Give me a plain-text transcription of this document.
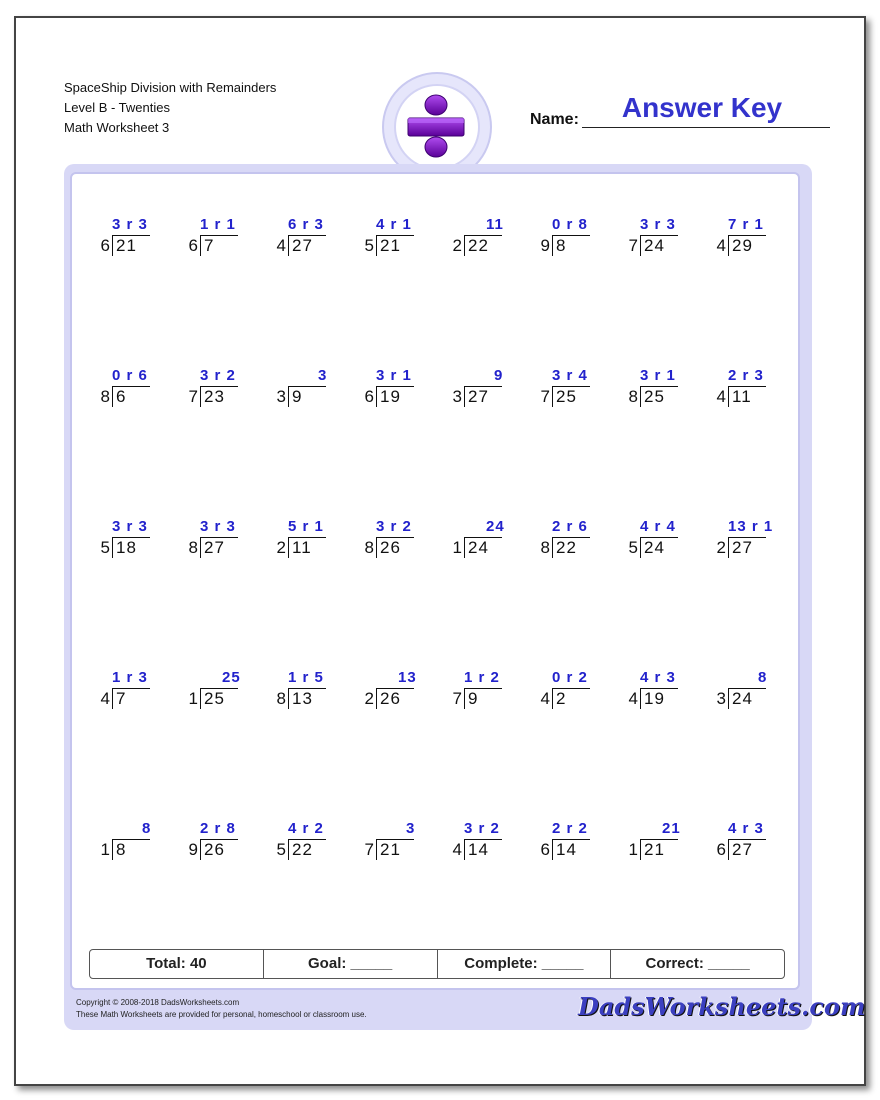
SpaceShip Division with Remainders
Level B - Twenties
Math Worksheet 3
Answer Key
Name:
3 r 3
6 21
1 r 1
6 7
6 r 3
4 27
4 r 1
5 21
11
2 22
0 r 8
9 8
3 r 3
7 24
7 r 1
4 29
0 r 6
8 6
3 r 2
7 23
3
3 9
3 r 1
6 19
9
3 27
3 r 4
7 25
3 r 1
8 25
2 r 3
4 11
3 r 3
5 18
3 r 3
8 27
5 r 1
2 11
3 r 2
8 26
24
1 24
2 r 6
8 22
4 r 4
5 24
13 r 1
2 27
1 r 3
4 7
25
1 25
1 r 5
8 13
13
2 26
1 r 2
7 9
0 r 2
4 2
4 r 3
4 19
8
3 24
8
1 8
2 r 8
9 26
4 r 2
5 22
3
7 21
3 r 2
4 14
2 r 2
6 14
21
1 21
4 r 3
6 27
Total: 40	Goal: _____	Complete: _____	Correct: _____
Copyright © 2008-2018 DadsWorksheets.com
These Math Worksheets are provided for personal, homeschool or classroom use.	DadsWorksheets.com
